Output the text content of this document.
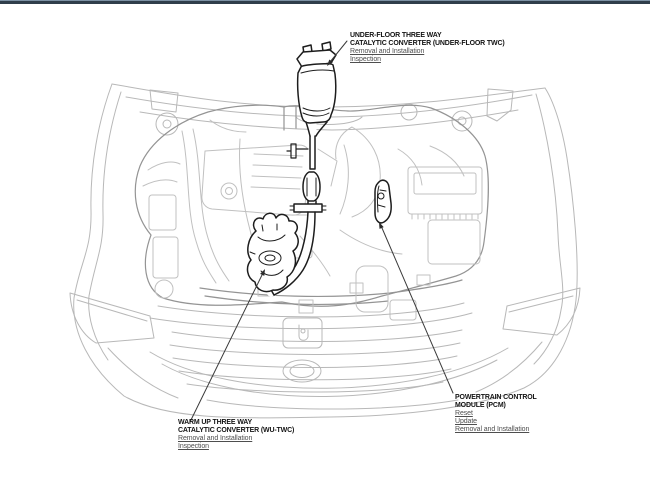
UNDER-FLOOR THREE WAY
CATALYTIC CONVERTER (UNDER-FLOOR TWC)
Removal and Installation
Inspection
WARM UP THREE WAY
CATALYTIC CONVERTER (WU-TWC)
Removal and Installation
Inspection
POWERTRAIN CONTROL
MODULE (PCM)
Reset
Update
Removal and Installation
